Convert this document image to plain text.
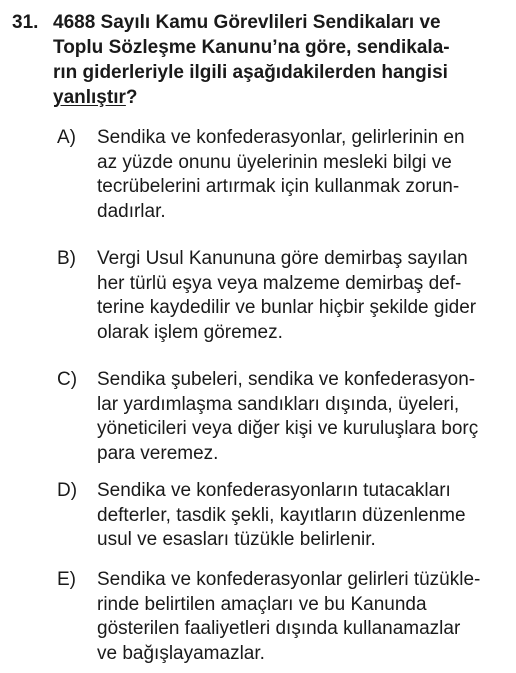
31. 4688 Sayılı Kamu Görevlileri Sendikaları ve
Toplu Sözleşme Kanunu’na göre, sendikala-
rın giderleriyle ilgili aşağıdakilerden hangisi
yanlıştır?
A)	Sendika ve konfederasyonlar, gelirlerinin en
az yüzde onunu üyelerinin mesleki bilgi ve
tecrübelerini artırmak için kullanmak zorun-
dadırlar.
B)	Vergi Usul Kanununa göre demirbaş sayılan
her türlü eşya veya malzeme demirbaş def-
terine kaydedilir ve bunlar hiçbir şekilde gider
olarak işlem göremez.
C)	Sendika şubeleri, sendika ve konfederasyon-
lar yardımlaşma sandıkları dışında, üyeleri,
yöneticileri veya diğer kişi ve kuruluşlara borç
para veremez.
D)	Sendika ve konfederasyonların tutacakları
defterler, tasdik şekli, kayıtların düzenlenme
usul ve esasları tüzükle belirlenir.
E)	Sendika ve konfederasyonlar gelirleri tüzükle-
rinde belirtilen amaçları ve bu Kanunda
gösterilen faaliyetleri dışında kullanamazlar
ve bağışlayamazlar.
